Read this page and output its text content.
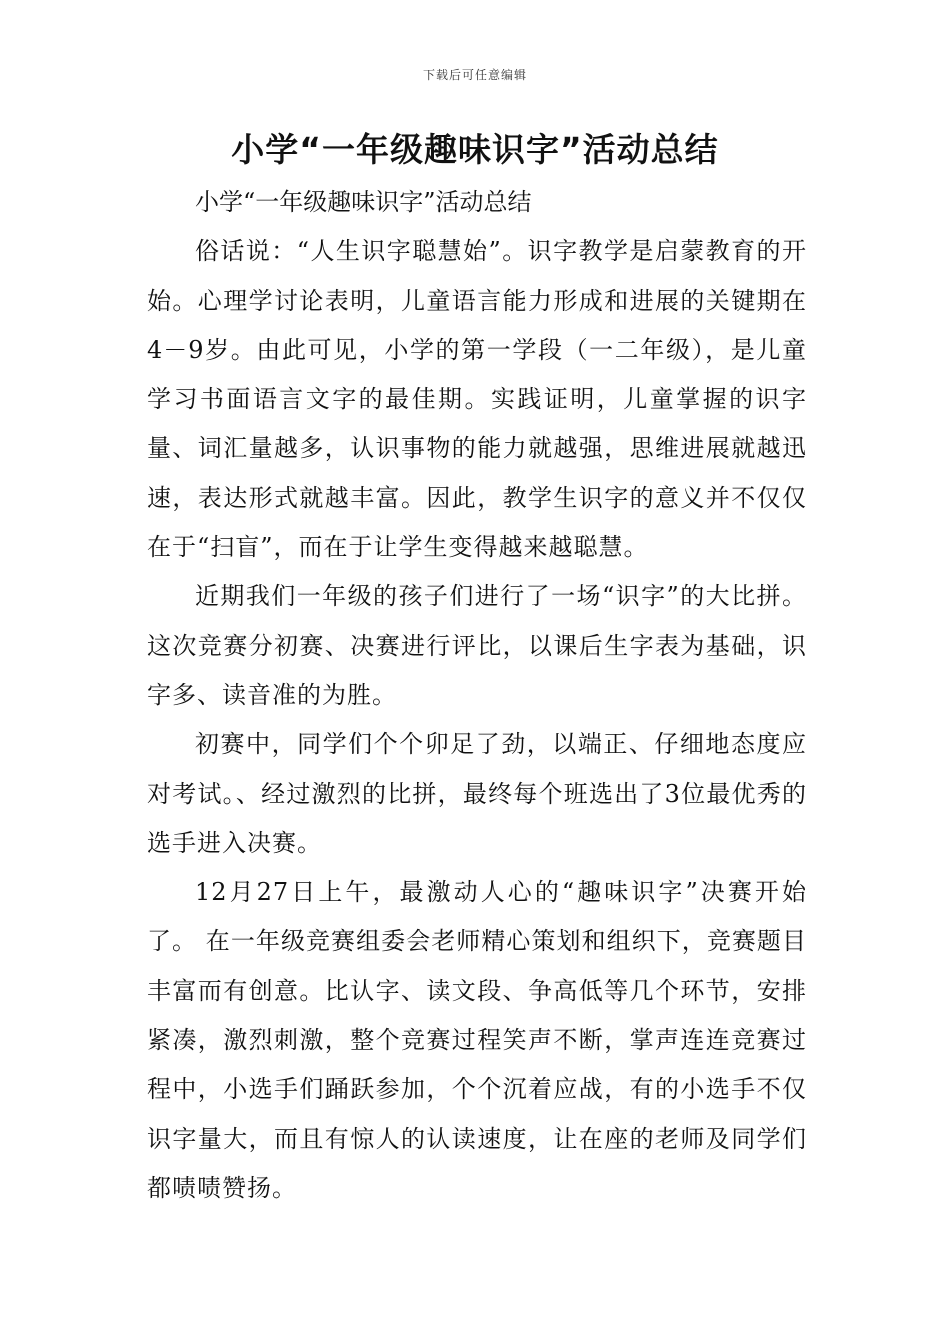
下载后可任意编辑
小学“一年级趣味识字”活动总结

小学“一年级趣味识字”活动总结

俗话说：“人生识字聪慧始”。识字教学是启蒙教育的开始。心理学讨论表明，儿童语言能力形成和进展的关键期在4－9岁。由此可见，小学的第一学段（一二年级），是儿童学习书面语言文字的最佳期。实践证明，儿童掌握的识字量、词汇量越多，认识事物的能力就越强，思维进展就越迅速，表达形式就越丰富。因此，教学生识字的意义并不仅仅在于“扫盲”，而在于让学生变得越来越聪慧。

近期我们一年级的孩子们进行了一场“识字”的大比拼。这次竞赛分初赛、决赛进行评比，以课后生字表为基础，识字多、读音准的为胜。

初赛中，同学们个个卯足了劲，以端正、仔细地态度应对考试。、经过激烈的比拼，最终每个班选出了3位最优秀的选手进入决赛。

12月27日上午，最激动人心的“趣味识字”决赛开始了。 在一年级竞赛组委会老师精心策划和组织下，竞赛题目丰富而有创意。比认字、读文段、争高低等几个环节，安排紧凑，激烈刺激，整个竞赛过程笑声不断，掌声连连竞赛过程中，小选手们踊跃参加，个个沉着应战，有的小选手不仅识字量大，而且有惊人的认读速度，让在座的老师及同学们都啧啧赞扬。
